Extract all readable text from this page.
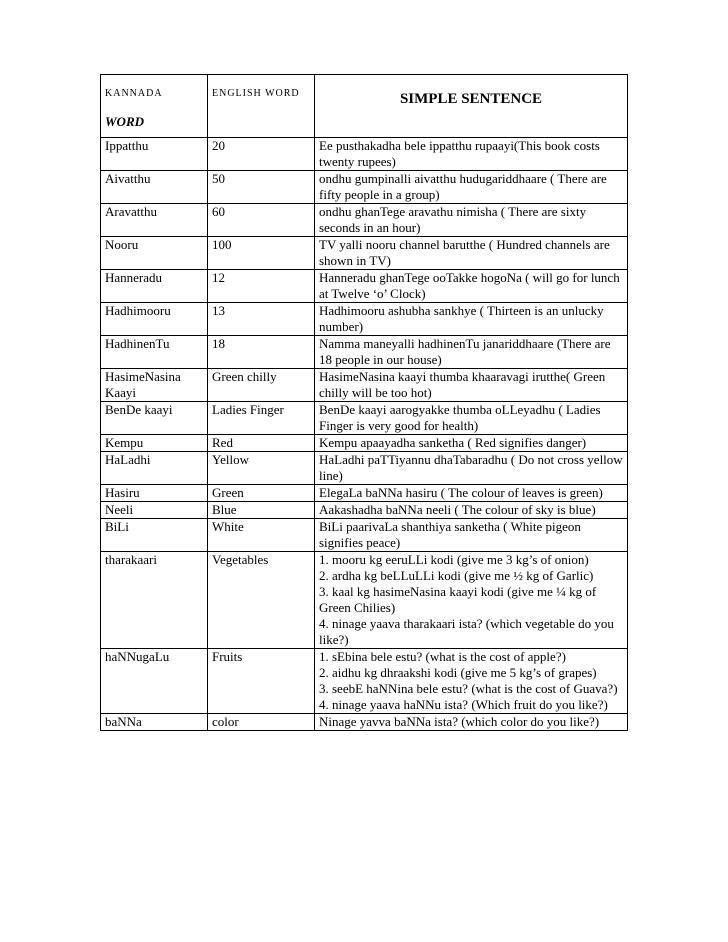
KANNADA
WORD	ENGLISH WORD	SIMPLE SENTENCE

Ippatthu	20	Ee pusthakadha bele ippatthu rupaayi(This book costs twenty rupees)
Aivatthu	50	ondhu gumpinalli aivatthu hudugariddhaare ( There are fifty people in a group)
Aravatthu	60	ondhu ghanTege aravathu nimisha ( There are sixty seconds in an hour)
Nooru	100	TV yalli nooru channel barutthe ( Hundred channels are shown in TV)
Hanneradu	12	Hanneradu ghanTege ooTakke hogoNa ( will go for lunch at Twelve ‘o’ Clock)
Hadhimooru	13	Hadhimooru ashubha sankhye ( Thirteen is an unlucky number)
HadhinenTu	18	Namma maneyalli hadhinenTu janariddhaare (There are 18 people in our house)
HasimeNasina Kaayi	Green chilly	HasimeNasina kaayi thumba khaaravagi irutthe( Green chilly will be too hot)
BenDe kaayi	Ladies Finger	BenDe kaayi aarogyakke thumba oLLeyadhu ( Ladies Finger is very good for health)
Kempu	Red	Kempu apaayadha sanketha ( Red signifies danger)
HaLadhi	Yellow	HaLadhi paTTiyannu dhaTabaradhu ( Do not cross yellow line)
Hasiru	Green	ElegaLa baNNa hasiru ( The colour of leaves is green)
Neeli	Blue	Aakashadha baNNa neeli ( The colour of sky is blue)
BiLi	White	BiLi paarivaLa shanthiya sanketha ( White pigeon signifies peace)
tharakaari	Vegetables	1. mooru kg eeruLLi kodi (give me 3 kg’s of onion)
2. ardha kg beLLuLLi kodi (give me ½ kg of Garlic)
3. kaal kg hasimeNasina kaayi kodi (give me ¼ kg of Green Chilies)
4. ninage yaava tharakaari ista? (which vegetable do you like?)

haNNugaLu	Fruits	1. sEbina bele estu? (what is the cost of apple?)
2. aidhu kg dhraakshi kodi (give me 5 kg’s of grapes)
3. seebE haNNina bele estu? (what is the cost of Guava?)
4. ninage yaava haNNu ista? (Which fruit do you like?)

baNNa	color	Ninage yavva baNNa ista? (which color do you like?)
